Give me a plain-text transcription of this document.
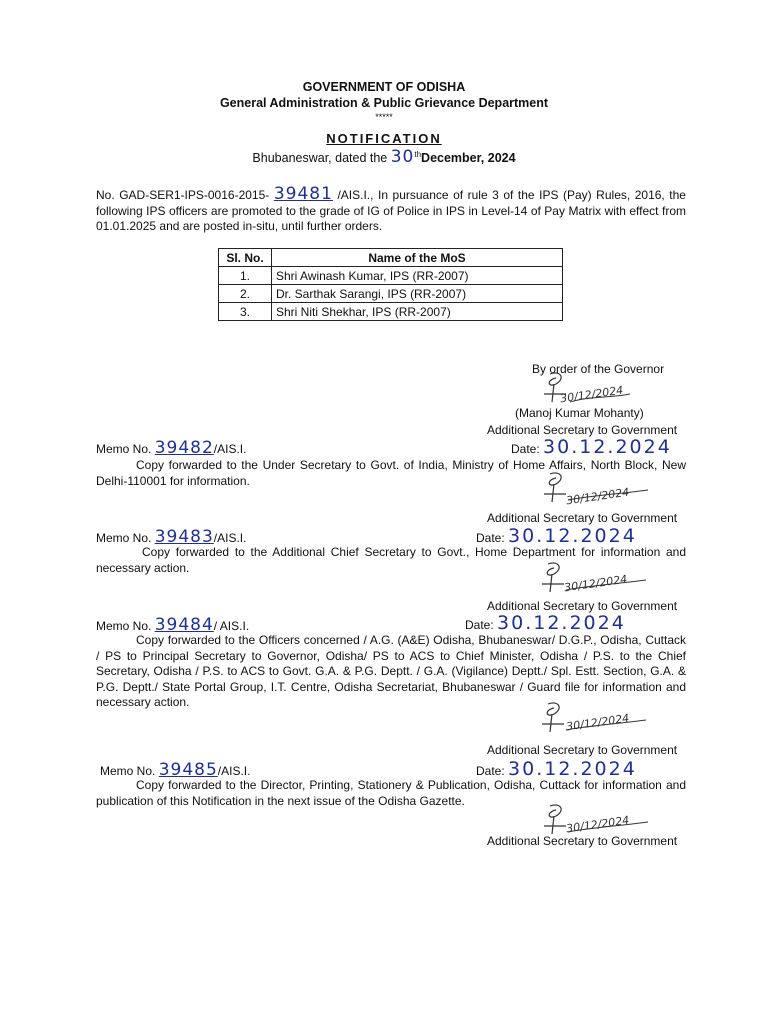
GOVERNMENT OF ODISHA
General Administration & Public Grievance Department
*****
NOTIFICATION
Bhubaneswar, dated the 30thDecember, 2024
No. GAD-SER1-IPS-0016-2015- 39481 /AIS.I., In pursuance of rule 3 of the IPS (Pay) Rules, 2016, the following IPS officers are promoted to the grade of IG of Police in IPS in Level-14 of Pay Matrix with effect from 01.01.2025 and are posted in-situ, until further orders.
Sl. No.	Name of the MoS
1.	Shri Awinash Kumar, IPS (RR-2007)
2.	Dr. Sarthak Sarangi, IPS (RR-2007)
3.	Shri Niti Shekhar, IPS (RR-2007)
By order of the Governor
30/12/2024
(Manoj Kumar Mohanty)
Additional Secretary to Government
Memo No. 39482/AIS.I.	Date: 30.12.2024
Copy forwarded to the Under Secretary to Govt. of India, Ministry of Home Affairs, North Block, New Delhi-110001 for information.
30/12/2024
Additional Secretary to Government
Memo No. 39483/AIS.I.	Date: 30.12.2024
Copy forwarded to the Additional Chief Secretary to Govt., Home Department for information and necessary action.
30/12/2024
Additional Secretary to Government
Memo No. 39484/ AIS.I.	Date: 30.12.2024
Copy forwarded to the Officers concerned / A.G. (A&E) Odisha, Bhubaneswar/ D.G.P., Odisha, Cuttack / PS to Principal Secretary to Governor, Odisha/ PS to ACS to Chief Minister, Odisha / P.S. to the Chief Secretary, Odisha / P.S. to ACS to Govt. G.A. & P.G. Deptt. / G.A. (Vigilance) Deptt./ Spl. Estt. Section, G.A. & P.G. Deptt./ State Portal Group, I.T. Centre, Odisha Secretariat, Bhubaneswar / Guard file for information and necessary action.
30/12/2024
Additional Secretary to Government
Memo No. 39485/AIS.I.	Date: 30.12.2024
Copy forwarded to the Director, Printing, Stationery & Publication, Odisha, Cuttack for information and publication of this Notification in the next issue of the Odisha Gazette.
30/12/2024
Additional Secretary to Government
